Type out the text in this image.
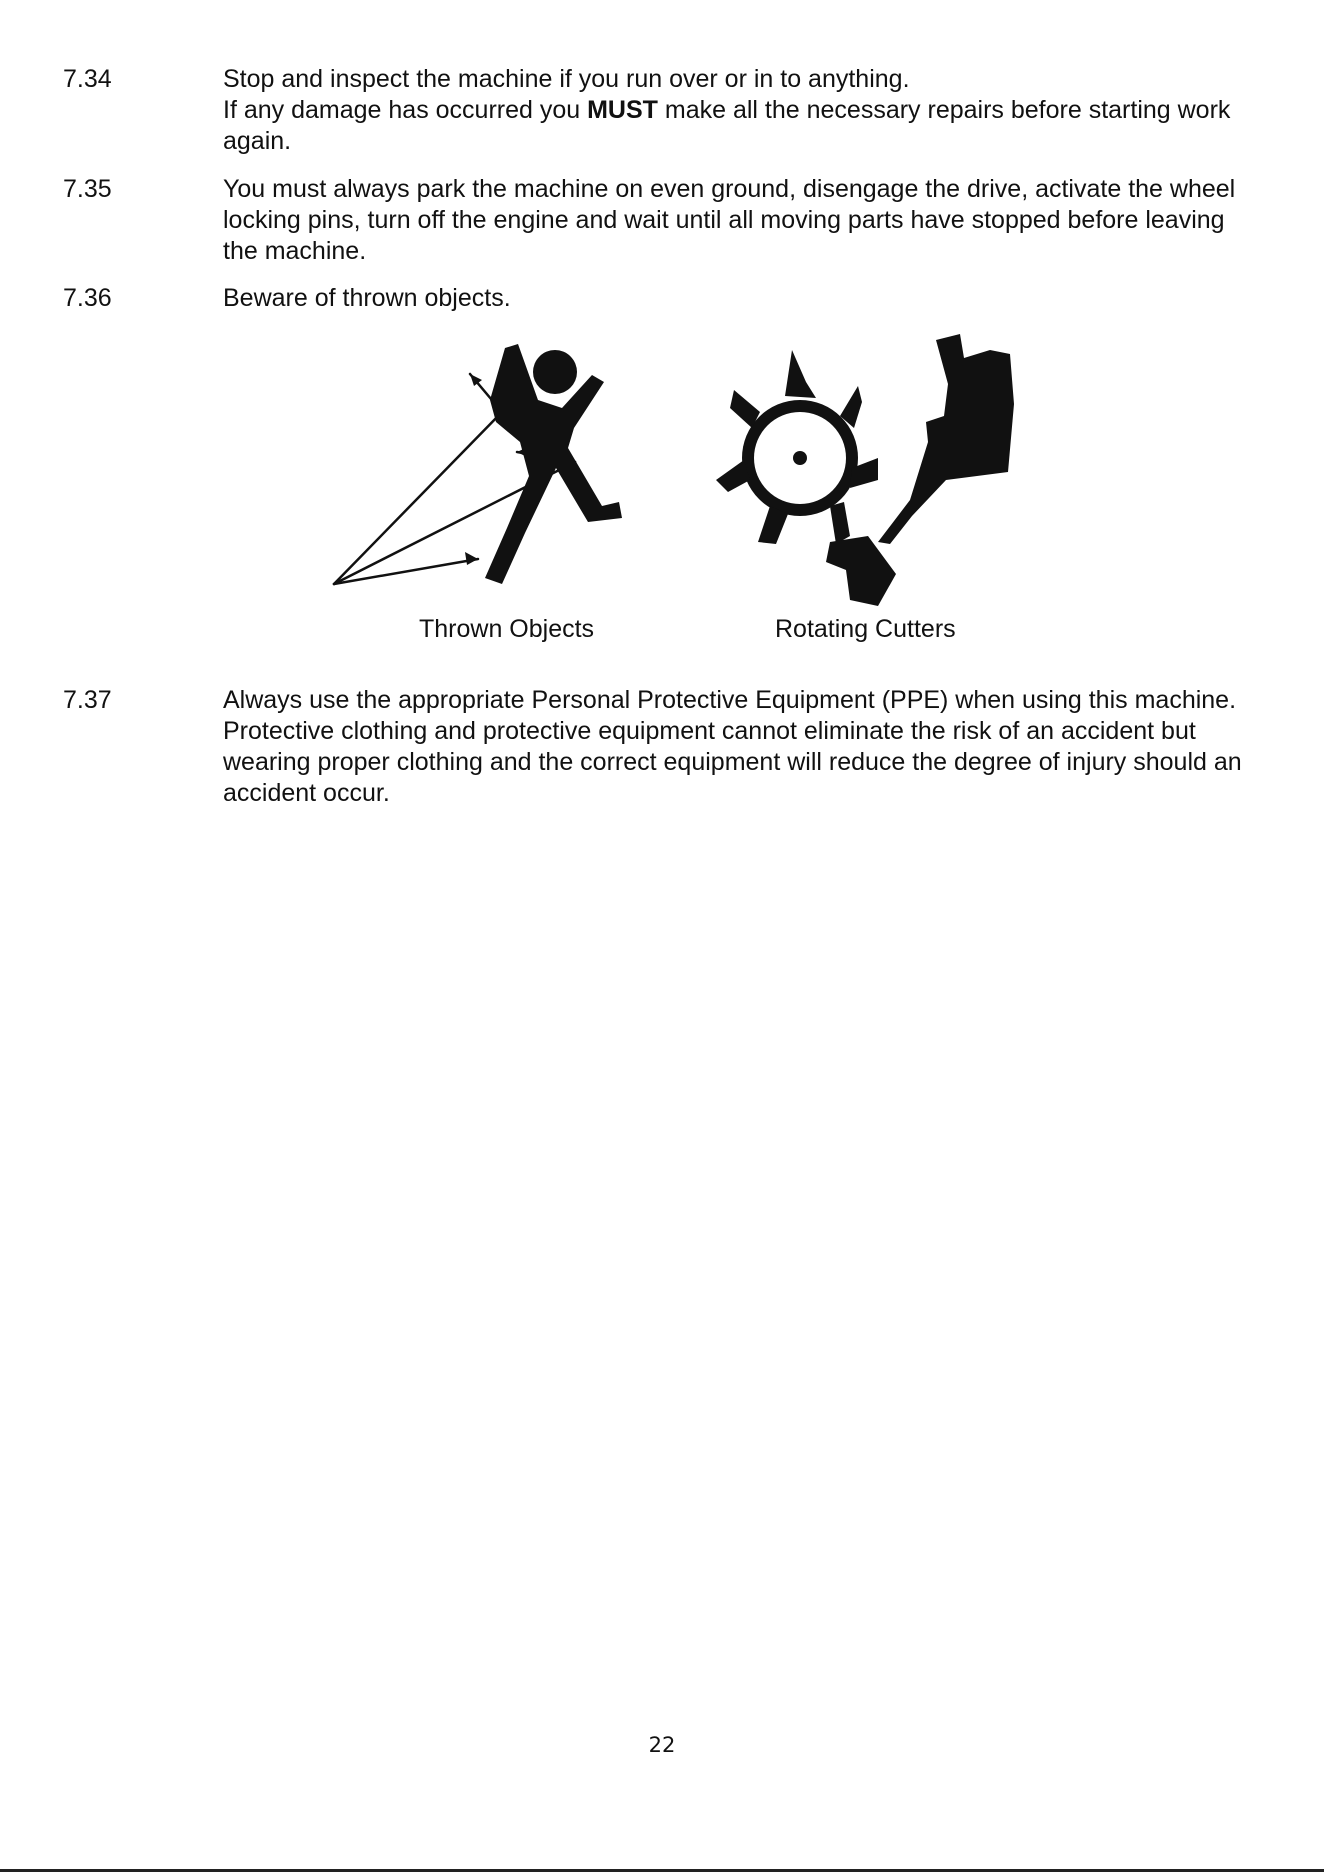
7.34	Stop and inspect the machine if you run over or in to anything.
If any damage has occurred you MUST make all the necessary repairs before starting work again.

7.35	You must always park the machine on even ground, disengage the drive, activate the wheel locking pins, turn off the engine and wait until all moving parts have stopped before leaving the machine.

7.36	Beware of thrown objects.

Thrown Objects	Rotating Cutters

7.37	Always use the appropriate Personal Protective Equipment (PPE) when using this machine.
Protective clothing and protective equipment cannot eliminate the risk of an accident but wearing proper clothing and the correct equipment will reduce the degree of injury should an accident occur.
22
